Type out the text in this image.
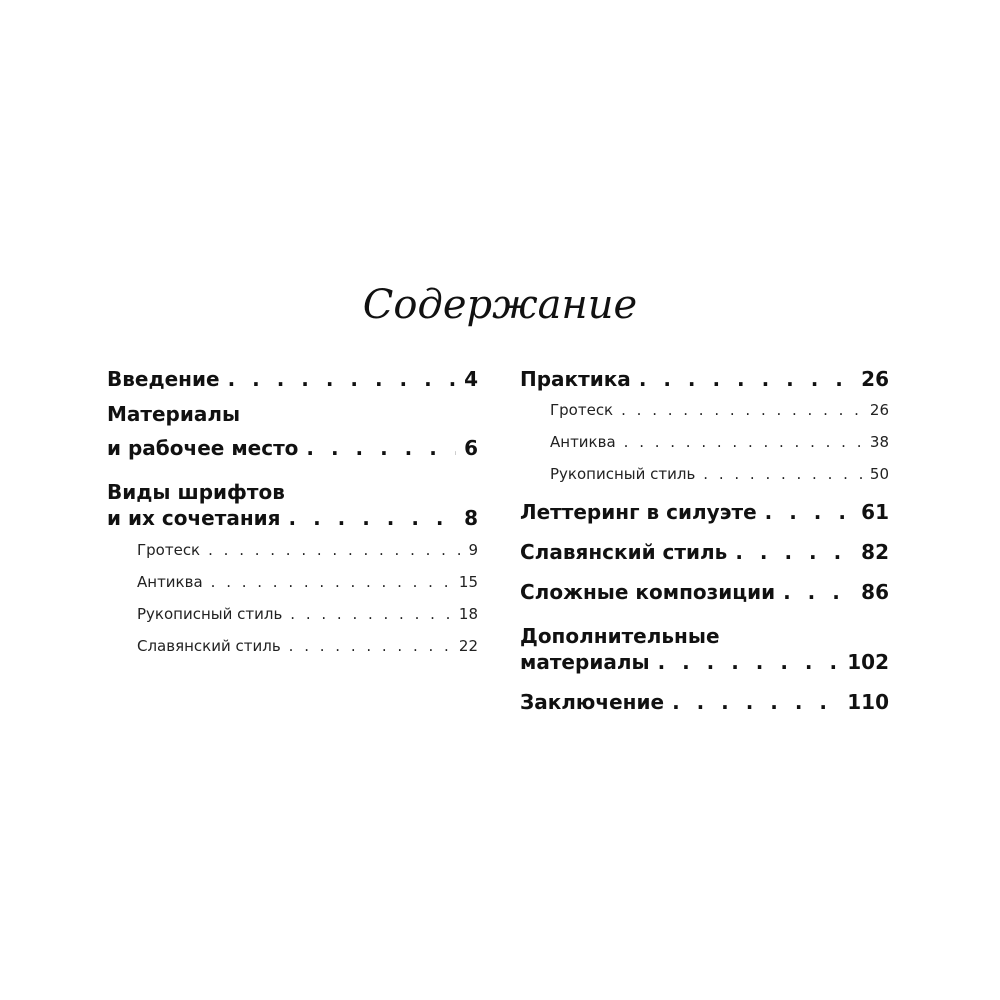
Содержание
Введение . . .	4
Материалы
и рабочее место . . .	6
Виды шрифтов
и их сочетания . . .	8
Гротеск . . .	9
Антиква . . .	15
Рукописный стиль . . .	18
Славянский стиль . . .	22
Практика . . .	26
Гротеск . . .	26
Антиква . . .	38
Рукописный стиль . . .	50
Леттеринг в силуэте . . .	61
Славянский стиль . . .	82
Сложные композиции . . .	86
Дополнительные
материалы . . .	102
Заключение . . .	110
